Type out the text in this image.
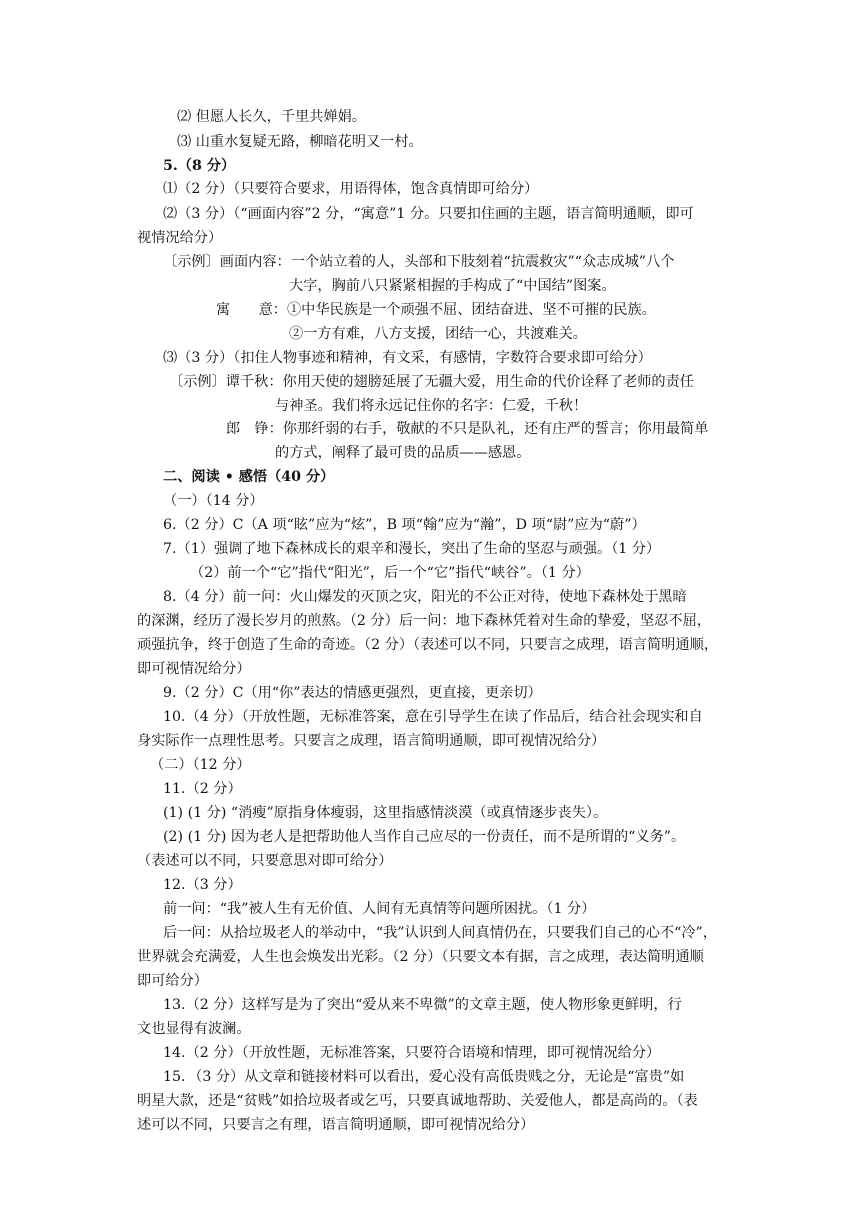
⑵ 但愿人长久，千里共婵娟。
⑶ 山重水复疑无路，柳暗花明又一村。
5.（8 分）
⑴（2 分）（只要符合要求，用语得体，饱含真情即可给分）
⑵（3 分）（“画面内容”2 分，“寓意”1 分。只要扣住画的主题，语言简明通顺，即可
视情况给分）
〔示例〕画面内容：一个站立着的人，头部和下肢刻着“抗震救灾”“众志成城”八个
大字，胸前八只紧紧相握的手构成了“中国结”图案。
寓　　意：①中华民族是一个顽强不屈、团结奋进、坚不可摧的民族。
②一方有难，八方支援，团结一心，共渡难关。
⑶（3 分）（扣住人物事迹和精神，有文采，有感情，字数符合要求即可给分）
〔示例〕谭千秋：你用天使的翅膀延展了无疆大爱，用生命的代价诠释了老师的责任
与神圣。我们将永远记住你的名字：仁爱，千秋！
郎　铮：你那纤弱的右手，敬献的不只是队礼，还有庄严的誓言；你用最简单
的方式，阐释了最可贵的品质——感恩。
二、阅读 • 感悟（40 分）
（一）（14 分）
6.（2 分）C（A 项“眩”应为“炫”，B 项“翰”应为“瀚”，D 项“尉”应为“蔚”）
7.（1）强调了地下森林成长的艰辛和漫长，突出了生命的坚忍与顽强。（1 分）
（2）前一个“它”指代“阳光”，后一个“它”指代“峡谷”。（1 分）
8.（4 分）前一问：火山爆发的灭顶之灾，阳光的不公正对待，使地下森林处于黑暗
的深渊，经历了漫长岁月的煎熬。（2 分）后一问：地下森林凭着对生命的挚爱，坚忍不屈，
顽强抗争，终于创造了生命的奇迹。（2 分）（表述可以不同，只要言之成理，语言简明通顺，
即可视情况给分）
9.（2 分）C（用“你”表达的情感更强烈，更直接，更亲切）
10.（4 分）（开放性题，无标准答案，意在引导学生在读了作品后，结合社会现实和自
身实际作一点理性思考。只要言之成理，语言简明通顺，即可视情况给分）
（二）（12 分）
11.（2 分）
(1) (1 分) “消瘦”原指身体瘦弱，这里指感情淡漠（或真情逐步丧失）。
(2) (1 分) 因为老人是把帮助他人当作自己应尽的一份责任，而不是所谓的“义务”。
（表述可以不同，只要意思对即可给分）
12.（3 分）
前一问：“我”被人生有无价值、人间有无真情等问题所困扰。（1 分）
后一问：从拾垃圾老人的举动中，“我”认识到人间真情仍在，只要我们自己的心不“冷”，
世界就会充满爱，人生也会焕发出光彩。（2 分）（只要文本有据，言之成理，表达简明通顺
即可给分）
13.（2 分）这样写是为了突出“爱从来不卑微”的文章主题，使人物形象更鲜明，行
文也显得有波澜。
14.（2 分）（开放性题，无标准答案，只要符合语境和情理，即可视情况给分）
15．（3 分）从文章和链接材料可以看出，爱心没有高低贵贱之分，无论是“富贵”如
明星大款，还是“贫贱”如拾垃圾者或乞丐，只要真诚地帮助、关爱他人，都是高尚的。（表
述可以不同，只要言之有理，语言简明通顺，即可视情况给分）
